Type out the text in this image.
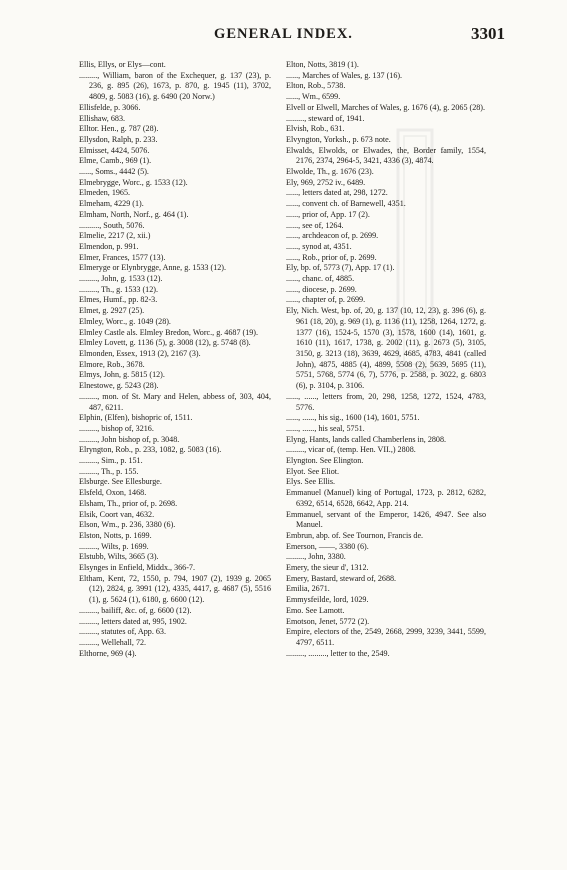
GENERAL INDEX.	3301
Ellis, Ellys, or Elys—cont.
........., William, baron of the Exchequer, g. 137 (23), p. 236, g. 895 (26), 1673, p. 870, g. 1945 (11), 3702, 4809, g. 5083 (16), g. 6490 (20 Norw.)
Ellisfelde, p. 3066.
Ellishaw, 683.
Elltor. Hen., g. 787 (28).
Ellysdon, Ralph, p. 233.
Elmisset, 4424, 5076.
Elme, Camb., 969 (1).
......, Soms., 4442 (5).
Elmebrygge, Worc., g. 1533 (12).
Elmeden, 1965.
Elmeham, 4229 (1).
Elmham, North, Norf., g. 464 (1).
.........., South, 5076.
Elmelie, 2217 (2, xii.)
Elmendon, p. 991.
Elmer, Frances, 1577 (13).
Elmeryge or Elynbrygge, Anne, g. 1533 (12).
........., John, g. 1533 (12).
........., Th., g. 1533 (12).
Elmes, Humf., pp. 82-3.
Elmet, g. 2927 (25).
Elmley, Worc., g. 1049 (28).
Elmley Castle als. Elmley Bredon, Worc., g. 4687 (19).
Elmley Lovett, g. 1136 (5), g. 3008 (12), g. 5748 (8).
Elmonden, Essex, 1913 (2), 2167 (3).
Elmore, Rob., 3678.
Elmys, John, g. 5815 (12).
Elnestowe, g. 5243 (28).
........., mon. of St. Mary and Helen, abbess of, 303, 404, 487, 6211.
Elphin, (Elfen), bishopric of, 1511.
........., bishop of, 3216.
........., John bishop of, p. 3048.
Elryngton, Rob., p. 233, 1082, g. 5083 (16).
........., Sim., p. 151.
........., Th., p. 155.
Elsburge. See Ellesburge.
Elsfeld, Oxon, 1468.
Elsham, Th., prior of, p. 2698.
Elsik, Coort van, 4632.
Elson, Wm., p. 236, 3380 (6).
Elston, Notts, p. 1699.
........., Wilts, p. 1699.
Elstubb, Wilts, 3665 (3).
Elsynges in Enfield, Middx., 366-7.
Eltham, Kent, 72, 1550, p. 794, 1907 (2), 1939 g. 2065 (12), 2824, g. 3991 (12), 4335, 4417, g. 4687 (5), 5516 (1), g. 5624 (1), 6180, g. 6600 (12).
........., bailiff, &c. of, g. 6600 (12).
........., letters dated at, 995, 1902.
........., statutes of, App. 63.
........., Wellehall, 72.
Elthorne, 969 (4).
Elton, Notts, 3819 (1).
......, Marches of Wales, g. 137 (16).
Elton, Rob., 5738.
......, Wm., 6599.
Elvell or Elwell, Marches of Wales, g. 1676 (4), g. 2065 (28).
........., steward of, 1941.
Elvish, Rob., 631.
Elvyngton, Yorksh., p. 673 note.
Elwalds, Elwolds, or Elwades, the, Border family, 1554, 2176, 2374, 2964-5, 3421, 4336 (3), 4874.
Elwolde, Th., g. 1676 (23).
Ely, 969, 2752 iv., 6489.
......, letters dated at, 298, 1272.
......, convent ch. of Barnewell, 4351.
......, prior of, App. 17 (2).
......, see of, 1264.
......, archdeacon of, p. 2699.
......, synod at, 4351.
......, Rob., prior of, p. 2699.
Ely, bp. of, 5773 (7), App. 17 (1).
......, chanc. of, 4885.
......, diocese, p. 2699.
......, chapter of, p. 2699.
Ely, Nich. West, bp. of, 20, g. 137 (10, 12, 23), g. 396 (6), g. 961 (18, 20), g. 969 (1), g. 1136 (11), 1258, 1264, 1272, g. 1377 (16), 1524-5, 1570 (3), 1578, 1600 (14), 1601, g. 1610 (11), 1617, 1738, g. 2002 (11), g. 2673 (5), 3105, 3150, g. 3213 (18), 3639, 4629, 4685, 4783, 4841 (called John), 4875, 4885 (4), 4899, 5508 (2), 5639, 5695 (11), 5751, 5768, 5774 (6, 7), 5776, p. 2588, p. 3022, g. 6803 (6), p. 3104, p. 3106.
......, ......, letters from, 20, 298, 1258, 1272, 1524, 4783, 5776.
......, ......, his sig., 1600 (14), 1601, 5751.
......, ......, his seal, 5751.
Elyng, Hants, lands called Chamberlens in, 2808.
........., vicar of, (temp. Hen. VII.,) 2808.
Elyngton. See Elington.
Elyot. See Eliot.
Elys. See Ellis.
Emmanuel (Manuel) king of Portugal, 1723, p. 2812, 6282, 6392, 6514, 6528, 6642, App. 214.
Emmanuel, servant of the Emperor, 1426, 4947. See also Manuel.
Embrun, abp. of. See Tournon, Francis de.
Emerson, ——, 3380 (6).
........., John, 3380.
Emery, the sieur d', 1312.
Emery, Bastard, steward of, 2688.
Emilia, 2671.
Emmysfeilde, lord, 1029.
Emo. See Lamott.
Emotson, Jenet, 5772 (2).
Empire, electors of the, 2549, 2668, 2999, 3239, 3441, 5599, 4797, 6511.
........., ........., letter to the, 2549.
